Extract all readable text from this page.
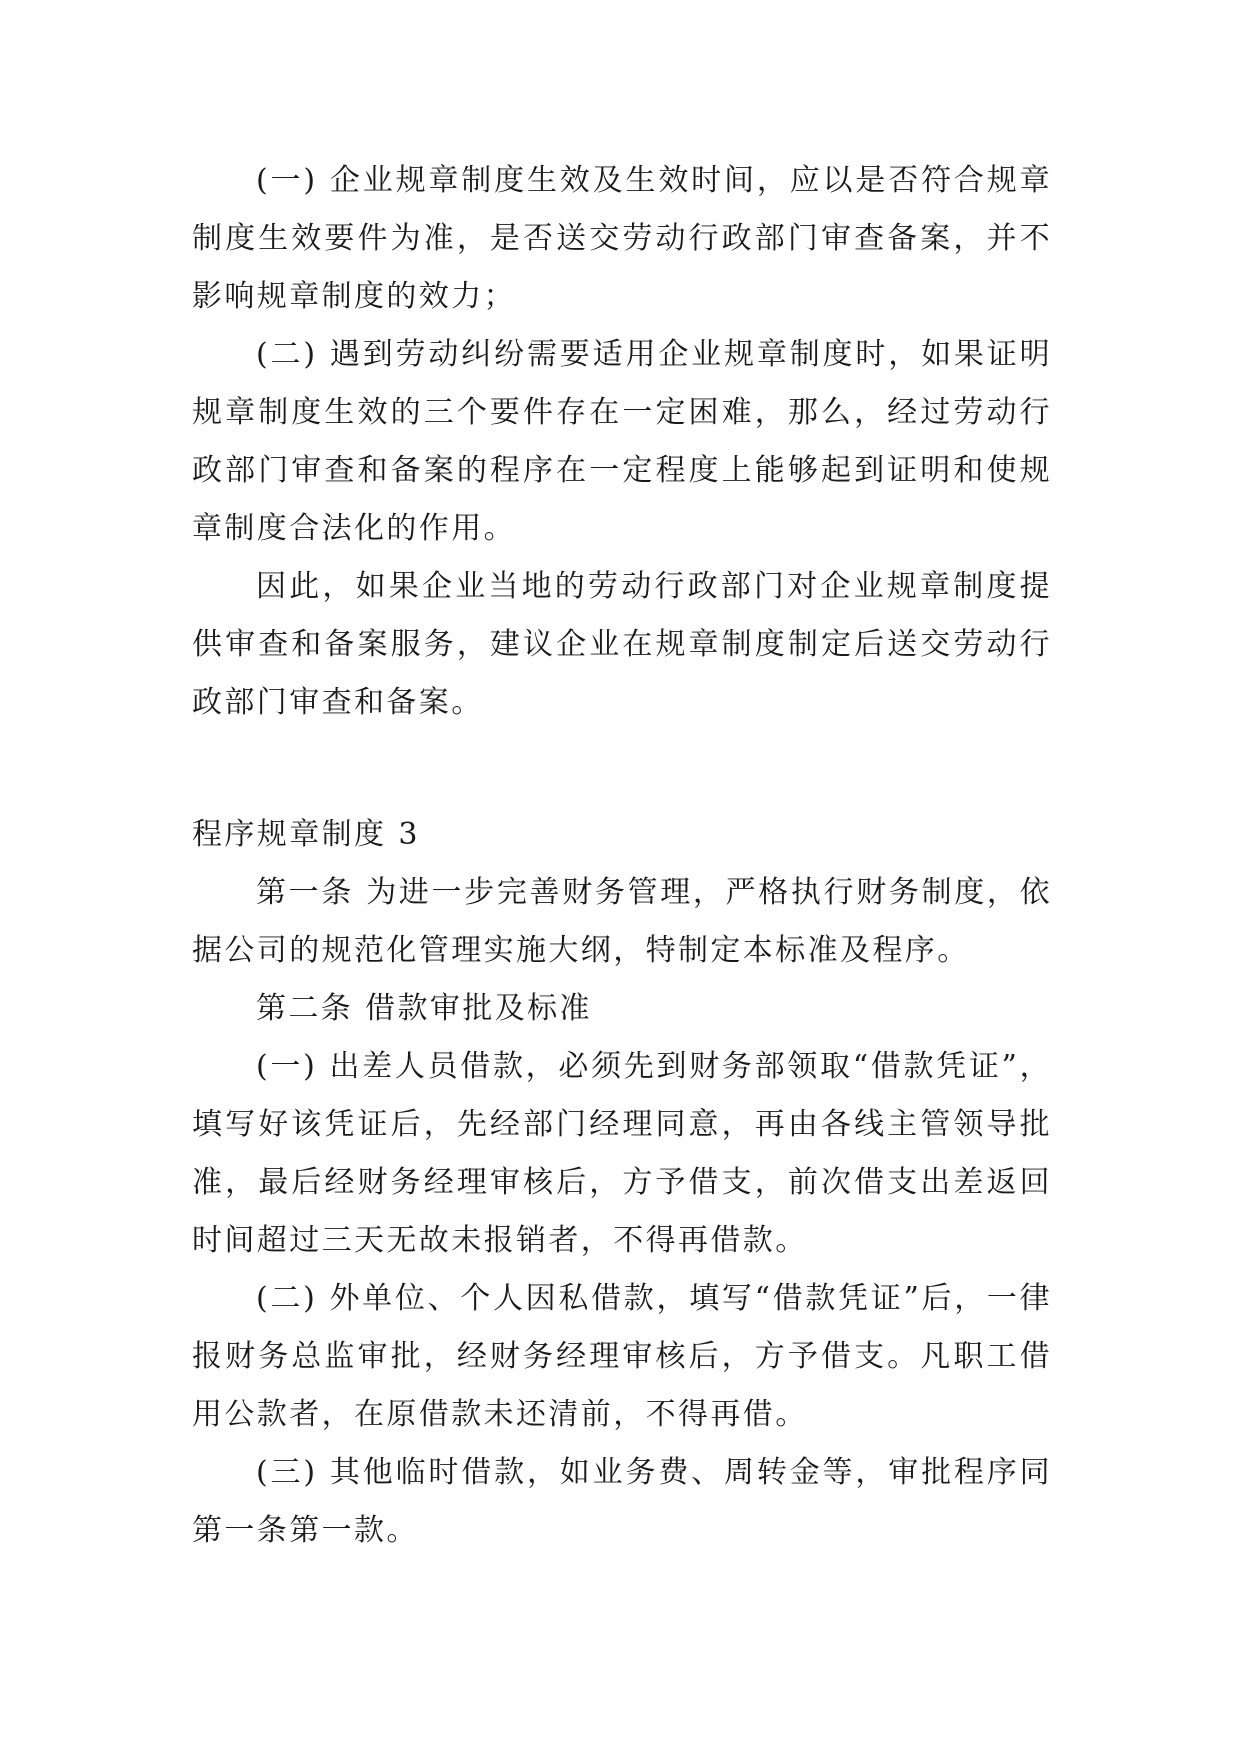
(一) 企业规章制度生效及生效时间，应以是否符合规章制度生效要件为准，是否送交劳动行政部门审查备案，并不影响规章制度的效力；

(二) 遇到劳动纠纷需要适用企业规章制度时，如果证明规章制度生效的三个要件存在一定困难，那么，经过劳动行政部门审查和备案的程序在一定程度上能够起到证明和使规章制度合法化的作用。

因此，如果企业当地的劳动行政部门对企业规章制度提供审查和备案服务，建议企业在规章制度制定后送交劳动行政部门审查和备案。

程序规章制度 3

第一条 为进一步完善财务管理，严格执行财务制度，依据公司的规范化管理实施大纲，特制定本标准及程序。

第二条 借款审批及标准

(一) 出差人员借款，必须先到财务部领取“借款凭证”，填写好该凭证后，先经部门经理同意，再由各线主管领导批准，最后经财务经理审核后，方予借支，前次借支出差返回时间超过三天无故未报销者，不得再借款。

(二) 外单位、个人因私借款，填写“借款凭证”后，一律报财务总监审批，经财务经理审核后，方予借支。凡职工借用公款者，在原借款未还清前，不得再借。

(三) 其他临时借款，如业务费、周转金等，审批程序同第一条第一款。
